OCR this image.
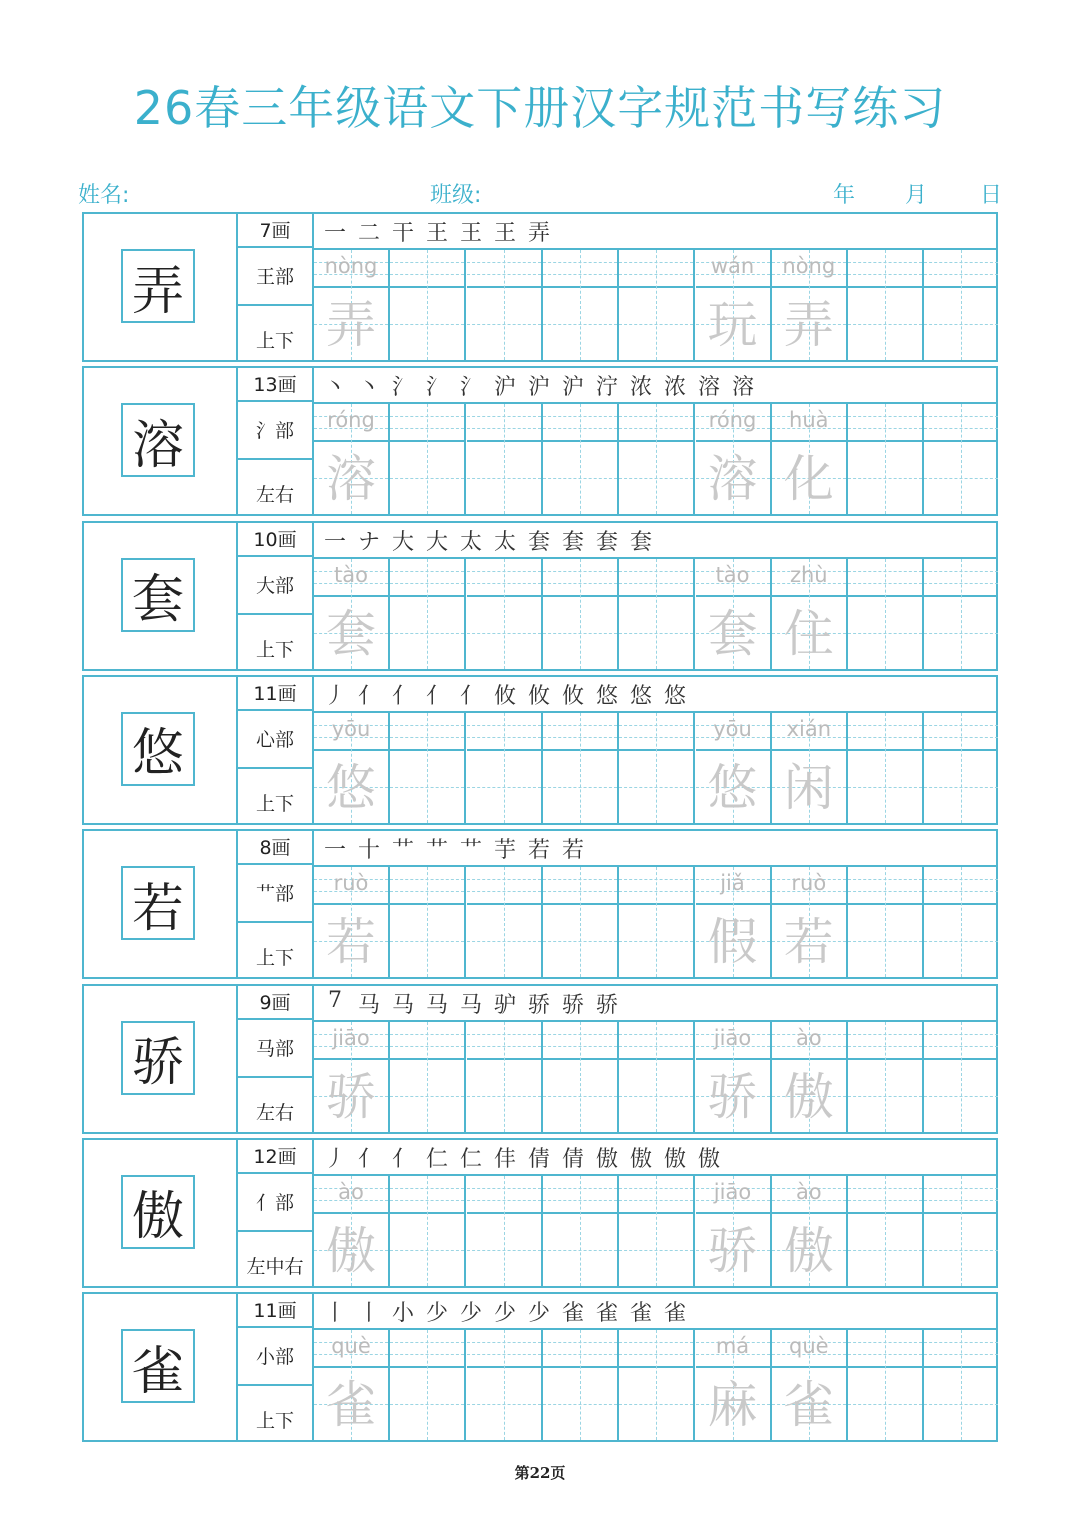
26春三年级语文下册汉字规范书写练习
姓名:	班级:	年 月 日
弄
7画
王部
上下
一 二 干 王 王 王 弄
nòng
弄
wán
玩
nòng
弄
溶
13画
氵部
左右
丶 丶 氵 氵 氵 沪 沪 沪 泞 浓 浓 溶 溶
róng
溶
róng
溶
huà
化
套
10画
大部
上下
一 ナ 大 大 太 太 套 套 套 套
tào
套
tào
套
zhù
住
悠
11画
心部
上下
丿 亻 亻 亻 亻 攸 攸 攸 悠 悠 悠
yōu
悠
yōu
悠
xián
闲
若
8画
艹部
上下
一 十 艹 艹 艹 芋 若 若
ruò
若
jiǎ
假
ruò
若
骄
9画
马部
左右
7 马 马 马 马 驴 骄 骄 骄
jiāo
骄
jiāo
骄
ào
傲
傲
12画
亻部
左中右
丿 亻 亻 仁 仁 仹 倩 倩 傲 傲 傲 傲
ào
傲
jiāo
骄
ào
傲
雀
11画
小部
上下
丨 丨 小 少 少 少 少 雀 雀 雀 雀
què
雀
má
麻
què
雀
第22页
